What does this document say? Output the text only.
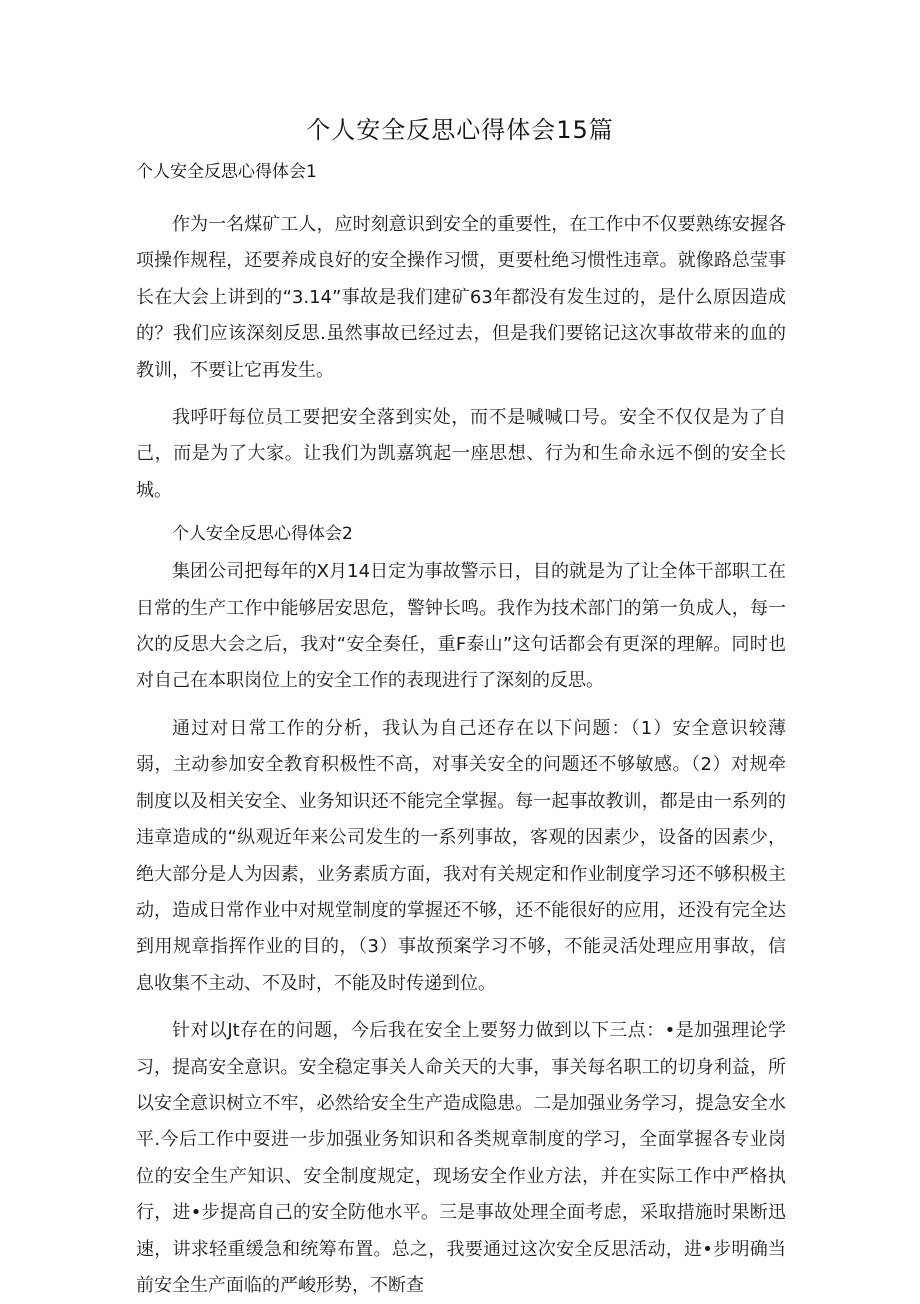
个人安全反思心得体会15篇

个人安全反思心得体会1

作为一名煤矿工人，应时刻意识到安全的重要性，在工作中不仅要熟练安握各项操作规程，还要养成良好的安全操作习惯，更要杜绝习惯性违章。就像路总莹事长在大会上讲到的“3.14”事故是我们建矿63年都没有发生过的，是什么原因造成的？我们应该深刻反思.虽然事故已经过去，但是我们要铭记这次事故带来的血的教训，不要让它再发生。

我呼吁每位员工要把安全落到实处，而不是喊喊口号。安全不仅仅是为了自己，而是为了大家。让我们为凯嘉筑起一座思想、行为和生命永远不倒的安全长城。

个人安全反思心得体会2

集团公司把每年的X月14日定为事故警示日，目的就是为了让全体干部职工在日常的生产工作中能够居安思危，警钟长鸣。我作为技术部门的第一负成人，每一次的反思大会之后，我对“安全奏任，重F泰山”这句话都会有更深的理解。同时也对自己在本职岗位上的安全工作的表现进行了深刻的反思。

通过对日常工作的分析，我认为自己还存在以下问题：（1）安全意识较薄弱，主动参加安全教育积极性不高，对事关安全的问题还不够敏感。（2）对规牵制度以及相关安全、业务知识还不能完全掌握。每一起事故教训，都是由一系列的违章造成的“纵观近年来公司发生的一系列事故，客观的因素少，设备的因素少，绝大部分是人为因素，业务素质方面，我对有关规定和作业制度学习还不够积极主动，造成日常作业中对规堂制度的掌握还不够，还不能很好的应用，还没有完全达到用规章指挥作业的目的，（3）事故预案学习不够，不能灵活处理应用事故，信息收集不主动、不及时，不能及时传递到位。

针对以Jt存在的问题，今后我在安全上要努力做到以下三点：•是加强理论学习，提高安全意识。安全稳定事关人命关天的大事，事关每名职工的切身利益，所以安全意识树立不牢，必然给安全生产造成隐患。二是加强业务学习，提急安全水平.今后工作中耍进一步加强业务知识和各类规章制度的学习，全面掌握各专业岗位的安全生产知识、安全制度规定，现场安全作业方法，并在实际工作中严格执行，进•步提高自己的安全防他水平。三是事故处理全面考虑，采取措施时果断迅速，讲求轻重缓急和统筹布置。总之，我要通过这次安全反思活动，进•步明确当前安全生产面临的严峻形势，不断查
